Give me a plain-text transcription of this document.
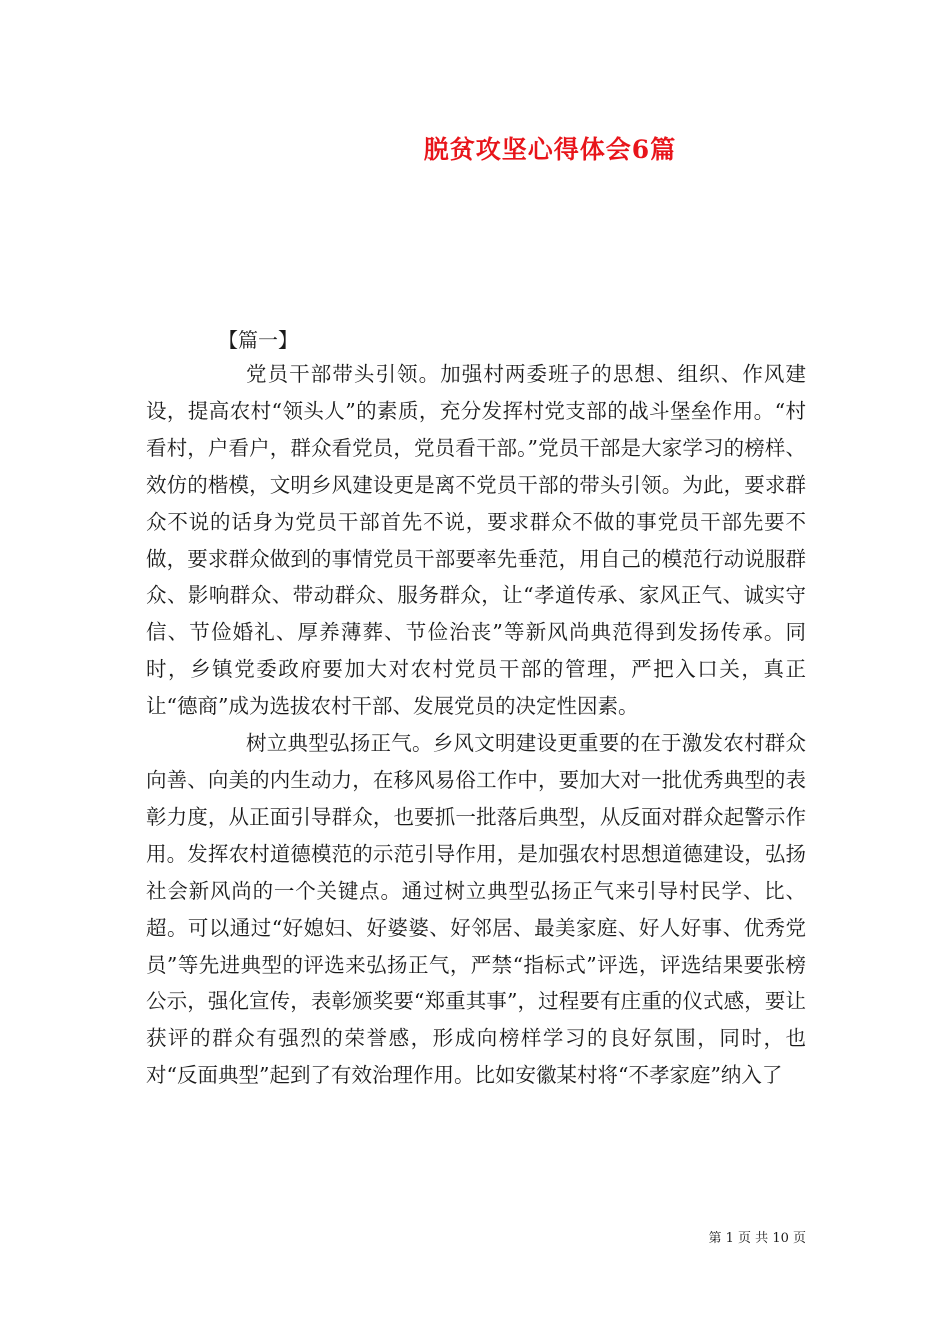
脱贫攻坚心得体会6篇

【篇一】

党员干部带头引领。加强村两委班子的思想、组织、作风建设，提高农村“领头人”的素质，充分发挥村党支部的战斗堡垒作用。“村看村，户看户，群众看党员，党员看干部。”党员干部是大家学习的榜样、效仿的楷模，文明乡风建设更是离不党员干部的带头引领。为此，要求群众不说的话身为党员干部首先不说，要求群众不做的事党员干部先要不做，要求群众做到的事情党员干部要率先垂范，用自己的模范行动说服群众、影响群众、带动群众、服务群众，让“孝道传承、家风正气、诚实守信、节俭婚礼、厚养薄葬、节俭治丧”等新风尚典范得到发扬传承。同时，乡镇党委政府要加大对农村党员干部的管理，严把入口关，真正让“德商”成为选拔农村干部、发展党员的决定性因素。

树立典型弘扬正气。乡风文明建设更重要的在于激发农村群众向善、向美的内生动力，在移风易俗工作中，要加大对一批优秀典型的表彰力度，从正面引导群众，也要抓一批落后典型，从反面对群众起警示作用。发挥农村道德模范的示范引导作用，是加强农村思想道德建设，弘扬社会新风尚的一个关键点。通过树立典型弘扬正气来引导村民学、比、超。可以通过“好媳妇、好婆婆、好邻居、最美家庭、好人好事、优秀党员”等先进典型的评选来弘扬正气，严禁“指标式”评选，评选结果要张榜公示，强化宣传，表彰颁奖要“郑重其事”，过程要有庄重的仪式感，要让获评的群众有强烈的荣誉感，形成向榜样学习的良好氛围，同时，也对“反面典型”起到了有效治理作用。比如安徽某村将“不孝家庭”纳入了

第 1 页 共 10 页
